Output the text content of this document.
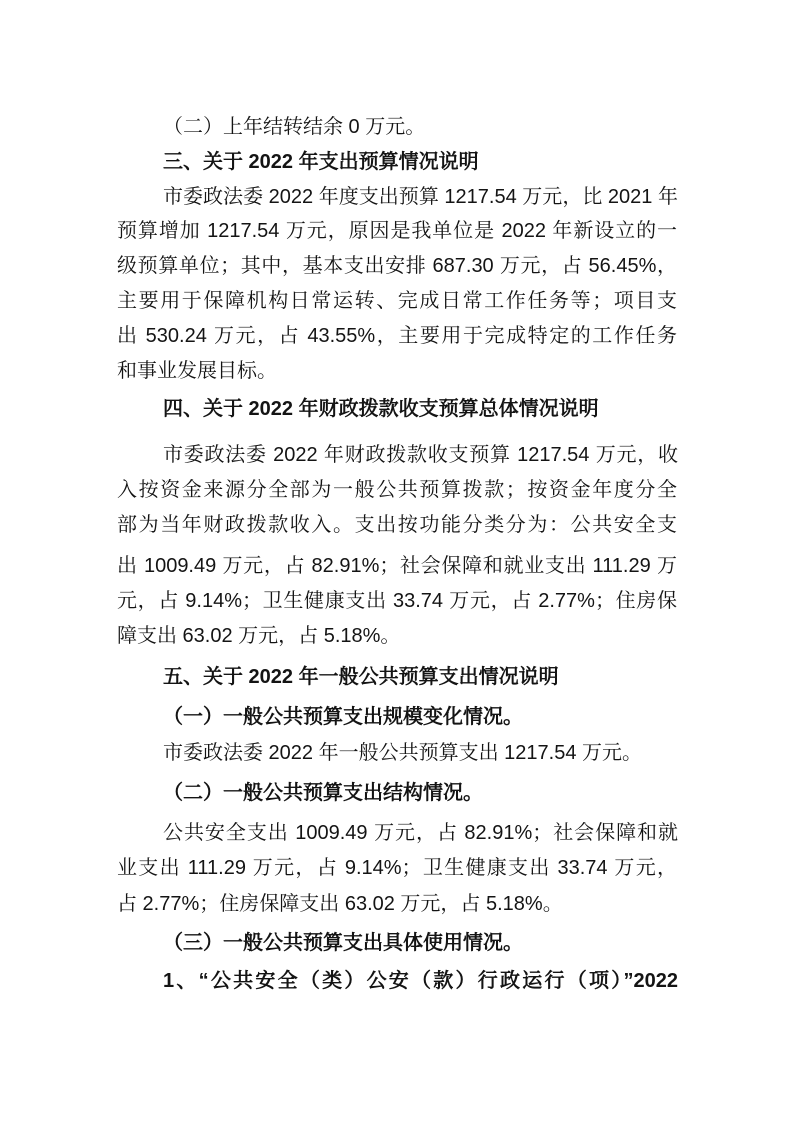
（二）上年结转结余 0 万元。
三、关于 2022 年支出预算情况说明
市委政法委 2022 年度支出预算 1217.54 万元，比 2021 年
预算增加 1217.54 万元，原因是我单位是 2022 年新设立的一
级预算单位；其中，基本支出安排 687.30 万元，占 56.45%，
主要用于保障机构日常运转、完成日常工作任务等；项目支
出 530.24 万元，占 43.55%，主要用于完成特定的工作任务
和事业发展目标。
四、关于 2022 年财政拨款收支预算总体情况说明
市委政法委 2022 年财政拨款收支预算 1217.54 万元，收
入按资金来源分全部为一般公共预算拨款；按资金年度分全
部为当年财政拨款收入。支出按功能分类分为：公共安全支
出 1009.49 万元，占 82.91%；社会保障和就业支出 111.29 万
元，占 9.14%；卫生健康支出 33.74 万元，占 2.77%；住房保
障支出 63.02 万元，占 5.18%。
五、关于 2022 年一般公共预算支出情况说明
（一）一般公共预算支出规模变化情况。
市委政法委 2022 年一般公共预算支出 1217.54 万元。
（二）一般公共预算支出结构情况。
公共安全支出 1009.49 万元，占 82.91%；社会保障和就
业支出 111.29 万元，占 9.14%；卫生健康支出 33.74 万元，
占 2.77%；住房保障支出 63.02 万元，占 5.18%。
（三）一般公共预算支出具体使用情况。
1、“公共安全（类）公安（款）行政运行（项）”2022
